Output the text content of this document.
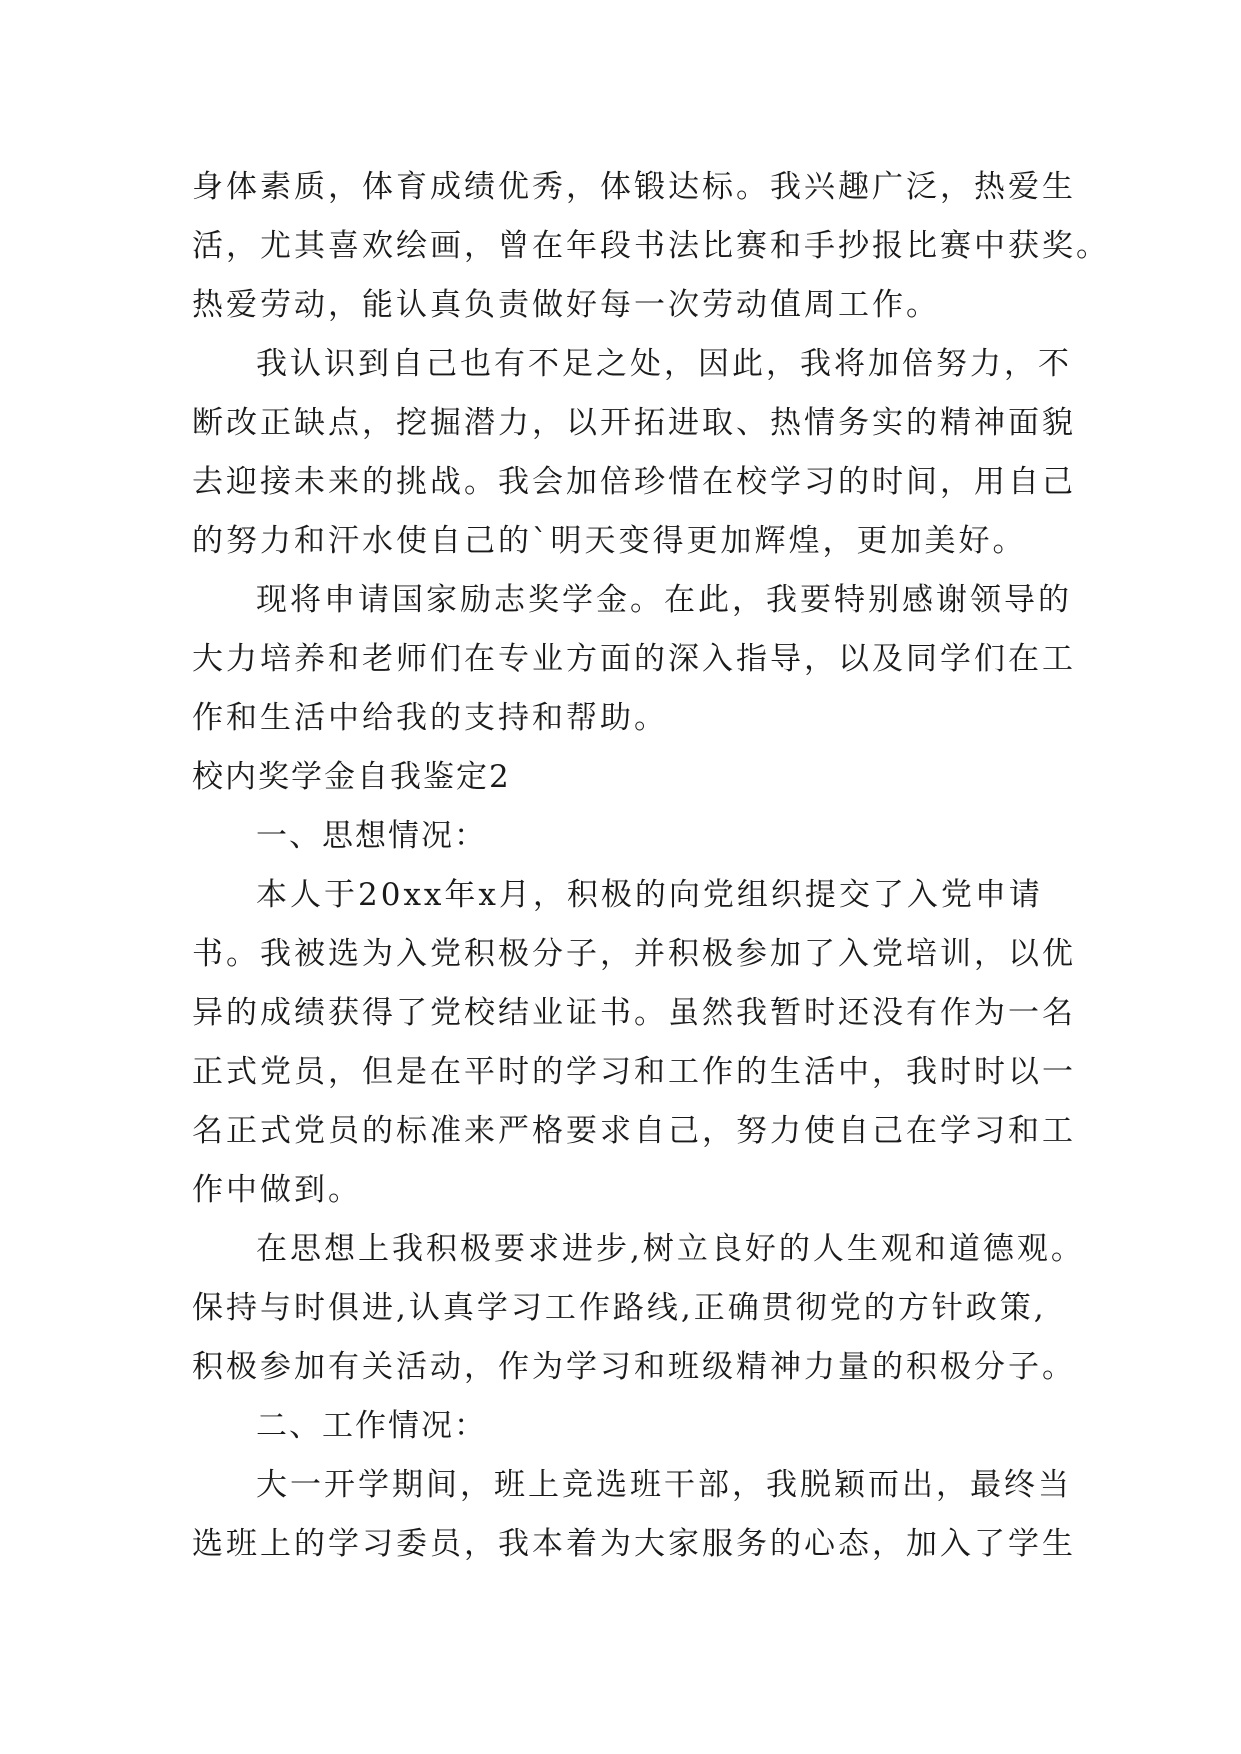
身体素质，体育成绩优秀，体锻达标。我兴趣广泛，热爱生
活，尤其喜欢绘画，曾在年段书法比赛和手抄报比赛中获奖。
热爱劳动，能认真负责做好每一次劳动值周工作。
我认识到自己也有不足之处，因此，我将加倍努力，不
断改正缺点，挖掘潜力，以开拓进取、热情务实的精神面貌
去迎接未来的挑战。我会加倍珍惜在校学习的时间，用自己
的努力和汗水使自己的`明天变得更加辉煌，更加美好。
现将申请国家励志奖学金。在此，我要特别感谢领导的
大力培养和老师们在专业方面的深入指导，以及同学们在工
作和生活中给我的支持和帮助。
校内奖学金自我鉴定2
一、思想情况：
本人于20xx年x月，积极的向党组织提交了入党申请
书。我被选为入党积极分子，并积极参加了入党培训，以优
异的成绩获得了党校结业证书。虽然我暂时还没有作为一名
正式党员，但是在平时的学习和工作的生活中，我时时以一
名正式党员的标准来严格要求自己，努力使自己在学习和工
作中做到。
在思想上我积极要求进步,树立良好的人生观和道德观。
保持与时俱进,认真学习工作路线,正确贯彻党的方针政策,
积极参加有关活动，作为学习和班级精神力量的积极分子。
二、工作情况：
大一开学期间，班上竞选班干部，我脱颖而出，最终当
选班上的学习委员，我本着为大家服务的心态，加入了学生
